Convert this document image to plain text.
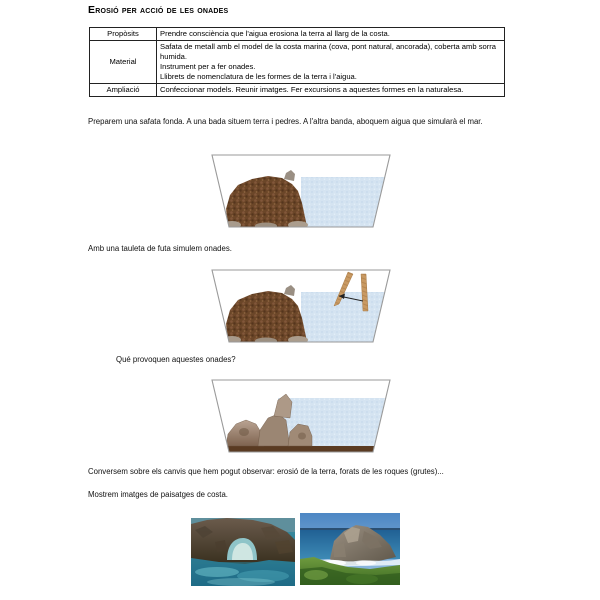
Erosió per acció de les onades
Propòsits	Prendre consciència que l'aigua erosiona la terra al llarg de la costa.

Material	Safata de metall amb el model de la costa marina (cova, pont natural, ancorada), coberta amb sorra humida.
Instrument per a fer onades.
Llibrets de nomenclatura de les formes de la terra i l'aigua.

Ampliació	Confeccionar models. Reunir imatges. Fer excursions a aquestes formes en la naturalesa.
Preparem una safata fonda. A una bada situem terra i pedres. A l'altra banda, aboquem aigua que simularà el mar.
Amb una tauleta de futa simulem onades.
Qué provoquen aquestes onades?
Conversem sobre els canvis que hem pogut observar: erosió de la terra, forats de les roques (grutes)...
Mostrem imatges de paisatges de costa.
